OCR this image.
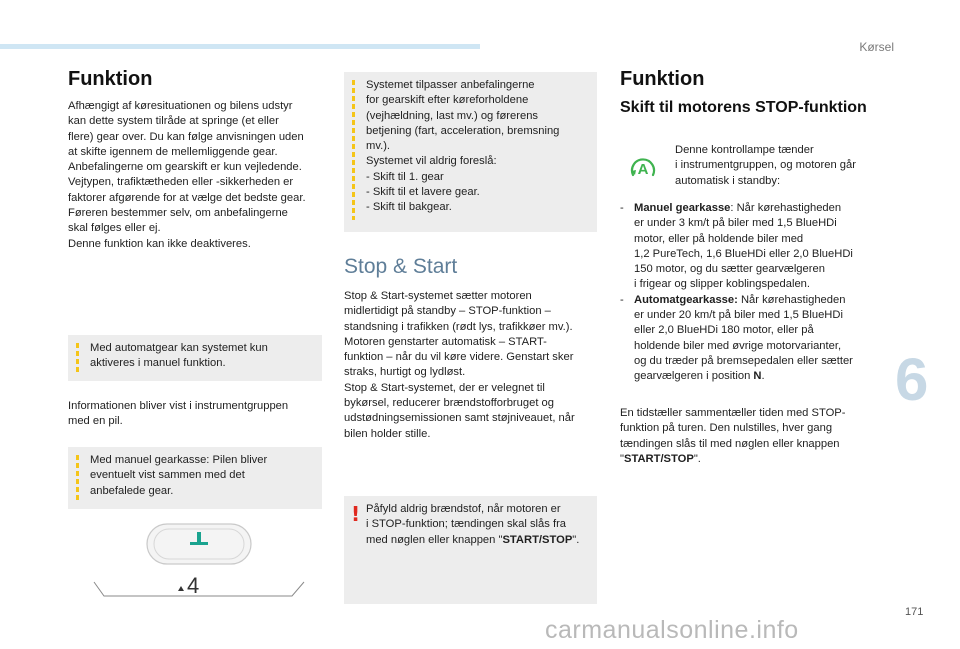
Kørsel
6
171
carmanualsonline.info
Funktion

Afhængigt af køresituationen og bilens udstyr
kan dette system tilråde at springe (et eller
flere) gear over. Du kan følge anvisningen uden
at skifte igennem de mellemliggende gear.
Anbefalingerne om gearskift er kun vejledende.
Vejtypen, trafiktætheden eller -sikkerheden er
faktorer afgørende for at vælge det bedste gear.
Føreren bestemmer selv, om anbefalingerne
skal følges eller ej.
Denne funktion kan ikke deaktiveres.

Med automatgear kan systemet kun
aktiveres i manuel funktion.

Informationen bliver vist i instrumentgruppen
med en pil.

Med manuel gearkasse: Pilen bliver
eventuelt vist sammen med det
anbefalede gear.
4
Systemet tilpasser anbefalingerne
for gearskift efter køreforholdene
(vejhældning, last mv.) og førerens
betjening (fart, acceleration, bremsning
mv.).
Systemet vil aldrig foreslå:
- Skift til 1. gear
- Skift til et lavere gear.
- Skift til bakgear.
Stop & Start

Stop & Start-systemet sætter motoren
midlertidigt på standby – STOP-funktion –
standsning i trafikken (rødt lys, trafikkøer mv.).
Motoren genstarter automatisk – START-
funktion – når du vil køre videre. Genstart sker
straks, hurtigt og lydløst.
Stop & Start-systemet, der er velegnet til
bykørsel, reducerer brændstofforbruget og
udstødningsemissionen samt støjniveauet, når
bilen holder stille.

! Påfyld aldrig brændstof, når motoren er
i STOP-funktion; tændingen skal slås fra
med nøglen eller knappen "START/STOP".
Funktion
Skift til motorens STOP-funktion
A

Denne kontrollampe tænder
i instrumentgruppen, og motoren går
automatisk i standby:

- Manuel gearkasse: Når kørehastigheden
er under 3 km/t på biler med 1,5 BlueHDi
motor, eller på holdende biler med
1,2 PureTech, 1,6 BlueHDi eller 2,0 BlueHDi
150 motor, og du sætter gearvælgeren
i frigear og slipper koblingspedalen.
- Automatgearkasse: Når kørehastigheden
er under 20 km/t på biler med 1,5 BlueHDi
eller 2,0 BlueHDi 180 motor, eller på
holdende biler med øvrige motorvarianter,
og du træder på bremsepedalen eller sætter
gearvælgeren i position N.

En tidstæller sammentæller tiden med STOP-
funktion på turen. Den nulstilles, hver gang
tændingen slås til med nøglen eller knappen
"START/STOP".
